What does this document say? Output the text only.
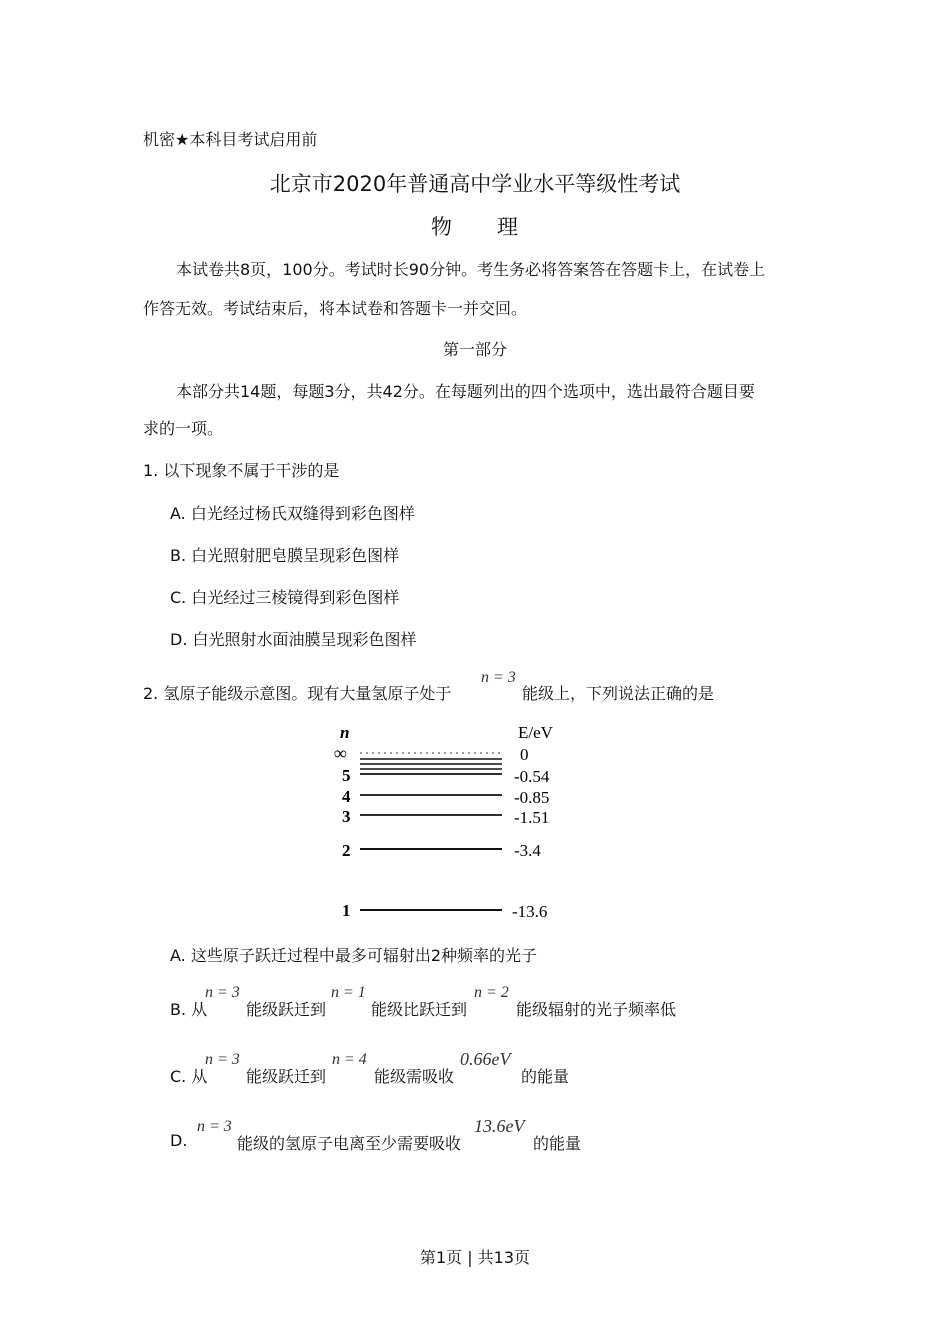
机密★本科目考试启用前
北京市2020年普通高中学业水平等级性考试
物　　理
本试卷共8页，100分。考试时长90分钟。考生务必将答案答在答题卡上，在试卷上
作答无效。考试结束后，将本试卷和答题卡一并交回。
第一部分
本部分共14题，每题3分，共42分。在每题列出的四个选项中，选出最符合题目要
求的一项。
1. 以下现象不属于干涉的是
A. 白光经过杨氏双缝得到彩色图样
B. 白光照射肥皂膜呈现彩色图样
C. 白光经过三棱镜得到彩色图样
D. 白光照射水面油膜呈现彩色图样
2. 氢原子能级示意图。现有大量氢原子处于
n = 3
能级上，下列说法正确的是
n	E/eV
∞	0
5	-0.54
4	-0.85
3	-1.51
2	-3.4
1	-13.6
A. 这些原子跃迁过程中最多可辐射出2种频率的光子
B. 从
n = 3
能级跃迁到
n = 1
能级比跃迁到
n = 2
能级辐射的光子频率低
C. 从
n = 3
能级跃迁到
n = 4
能级需吸收
0.66eV
的能量
D.
n = 3
能级的氢原子电离至少需要吸收
13.6eV
的能量
第1页 | 共13页
